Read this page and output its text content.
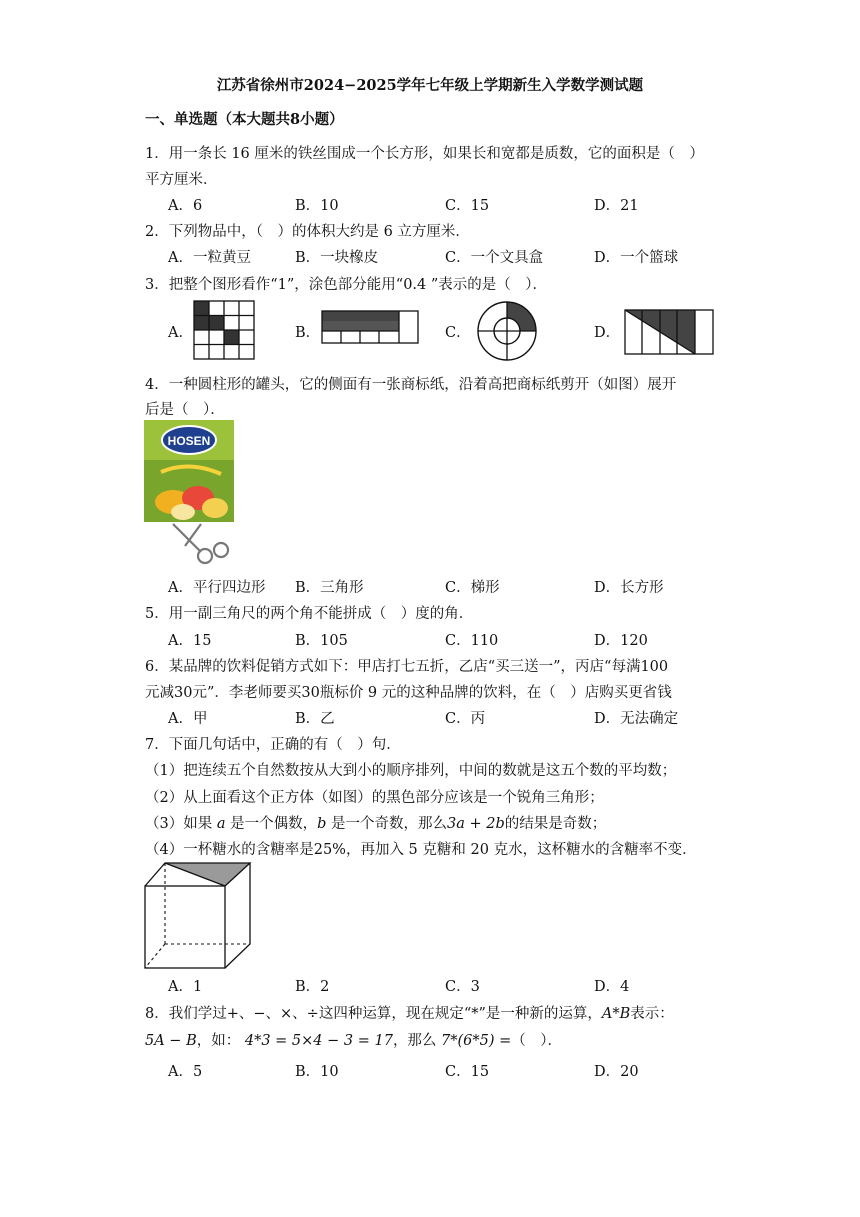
江苏省徐州市2024−2025学年七年级上学期新生入学数学测试题
一、单选题（本大题共8小题）
1．用一条长 16 厘米的铁丝围成一个长方形，如果长和宽都是质数，它的面积是（　）
平方厘米．
A．6	B．10	C．15	D．21
2．下列物品中，（　）的体积大约是 6 立方厘米．
A．一粒黄豆	B．一块橡皮	C．一个文具盒	D．一个篮球
3．把整个图形看作“1”，涂色部分能用“0.4 ”表示的是（　）．
A．	B．	C．	D．
4．一种圆柱形的罐头，它的侧面有一张商标纸，沿着高把商标纸剪开（如图）展开
后是（　）．
HOSEN
A．平行四边形 B．三角形	C．梯形	D．长方形
5．用一副三角尺的两个角不能拼成（　）度的角．
A．15	B．105	C．110	D．120
6．某品牌的饮料促销方式如下：甲店打七五折，乙店“买三送一”，丙店“每满100
元减30元”．李老师要买30瓶标价 9 元的这种品牌的饮料，在（　）店购买更省钱
A．甲	B．乙	C．丙	D．无法确定
7．下面几句话中，正确的有（　）句．
（1）把连续五个自然数按从大到小的顺序排列，中间的数就是这五个数的平均数；
（2）从上面看这个正方体（如图）的黑色部分应该是一个锐角三角形；
（3）如果 a 是一个偶数，b 是一个奇数，那么3a + 2b的结果是奇数；
（4）一杯糖水的含糖率是25%，再加入 5 克糖和 20 克水，这杯糖水的含糖率不变．
A．1	B．2	C．3	D．4
8．我们学过+、−、×、÷这四种运算，现在规定“*”是一种新的运算，A*B表示：
5A − B，如： 4*3 = 5×4 − 3 = 17，那么 7*(6*5) =（　）．
A．5	B．10	C．15	D．20
